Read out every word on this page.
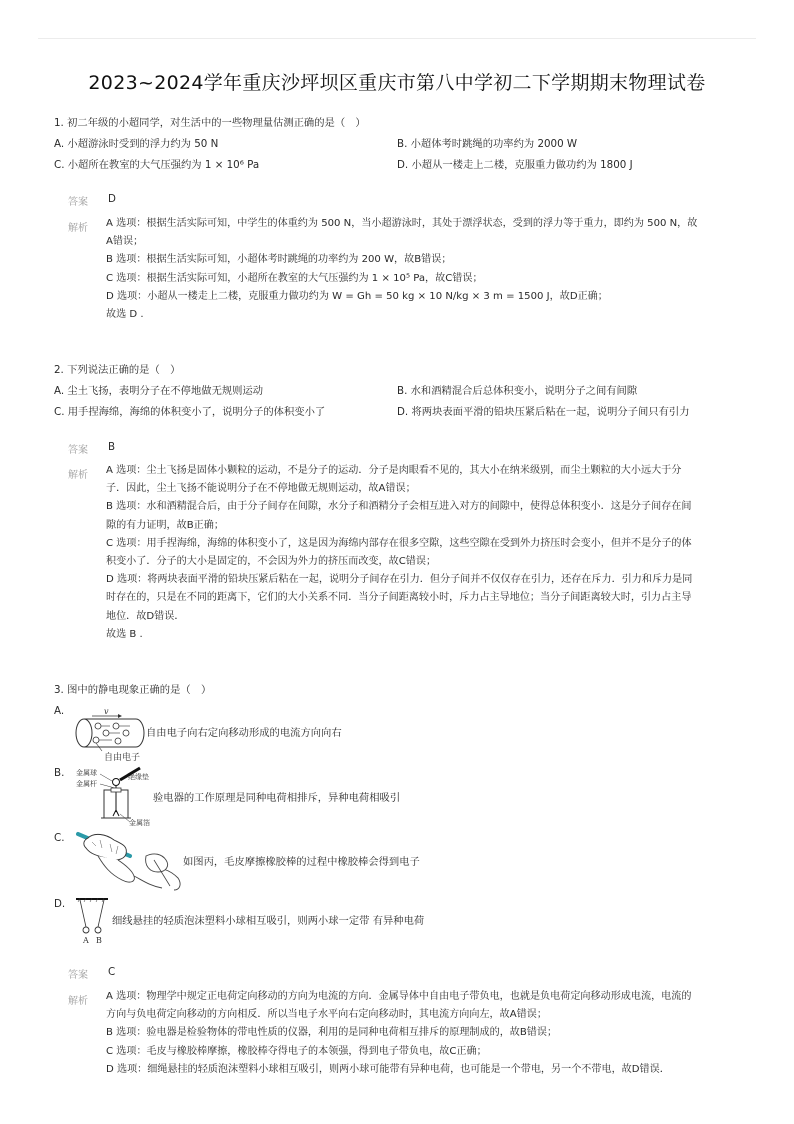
2023~2024学年重庆沙坪坝区重庆市第八中学初二下学期期末物理试卷
1. 初二年级的小超同学，对生活中的一些物理量估测正确的是（　）
A. 小超游泳时受到的浮力约为 50 N	B. 小超体考时跳绳的功率约为 2000 W
C. 小超所在教室的大气压强约为 1 × 10⁶ Pa	D. 小超从一楼走上二楼，克服重力做功约为 1800 J
答案 D
解析 A 选项：根据生活实际可知，中学生的体重约为 500 N，当小超游泳时，其处于漂浮状态，受到的浮力等于重力，即约为 500 N，故
A错误；
B 选项：根据生活实际可知，小超体考时跳绳的功率约为 200 W，故B错误；
C 选项：根据生活实际可知，小超所在教室的大气压强约为 1 × 10⁵ Pa，故C错误；
D 选项：小超从一楼走上二楼，克服重力做功约为 W = Gh = 50 kg × 10 N/kg × 3 m = 1500 J，故D正确；
故选 D .
2. 下列说法正确的是（　）
A. 尘土飞扬，表明分子在不停地做无规则运动	B. 水和酒精混合后总体积变小，说明分子之间有间隙
C. 用手捏海绵，海绵的体积变小了，说明分子的体积变小了	D. 将两块表面平滑的铅块压紧后粘在一起，说明分子间只有引力
答案 B
解析 A 选项：尘土飞扬是固体小颗粒的运动，不是分子的运动．分子是肉眼看不见的，其大小在纳米级别，而尘土颗粒的大小远大于分
子．因此，尘土飞扬不能说明分子在不停地做无规则运动，故A错误；
B 选项：水和酒精混合后，由于分子间存在间隙，水分子和酒精分子会相互进入对方的间隙中，使得总体积变小．这是分子间存在间
隙的有力证明，故B正确；
C 选项：用手捏海绵，海绵的体积变小了，这是因为海绵内部存在很多空隙，这些空隙在受到外力挤压时会变小，但并不是分子的体
积变小了．分子的大小是固定的，不会因为外力的挤压而改变，故C错误；
D 选项：将两块表面平滑的铅块压紧后粘在一起，说明分子间存在引力．但分子间并不仅仅存在引力，还存在斥力．引力和斥力是同
时存在的，只是在不同的距离下，它们的大小关系不同．当分子间距离较小时，斥力占主导地位；当分子间距离较大时，引力占主导
地位．故D错误．
故选 B .
3. 图中的静电现象正确的是（　）
A.	v
自由电子
自由电子向右定向移动形成的电流方向向右
B. 金属球
金属杆
绝缘垫
金属箔
验电器的工作原理是同种电荷相排斥，异种电荷相吸引
C.
如图丙，毛皮摩擦橡胶棒的过程中橡胶棒会得到电子
D.
A B
细线悬挂的轻质泡沫塑料小球相互吸引，则两小球一定带 有异种电荷
答案 C
解析 A 选项：物理学中规定正电荷定向移动的方向为电流的方向．金属导体中自由电子带负电，也就是负电荷定向移动形成电流，电流的
方向与负电荷定向移动的方向相反．所以当电子水平向右定向移动时，其电流方向向左，故A错误；
B 选项：验电器是检验物体的带电性质的仪器，利用的是同种电荷相互排斥的原理制成的，故B错误；
C 选项：毛皮与橡胶棒摩擦，橡胶棒夺得电子的本领强，得到电子带负电，故C正确；
D 选项：细绳悬挂的轻质泡沫塑料小球相互吸引，则两小球可能带有异种电荷，也可能是一个带电，另一个不带电，故D错误．
